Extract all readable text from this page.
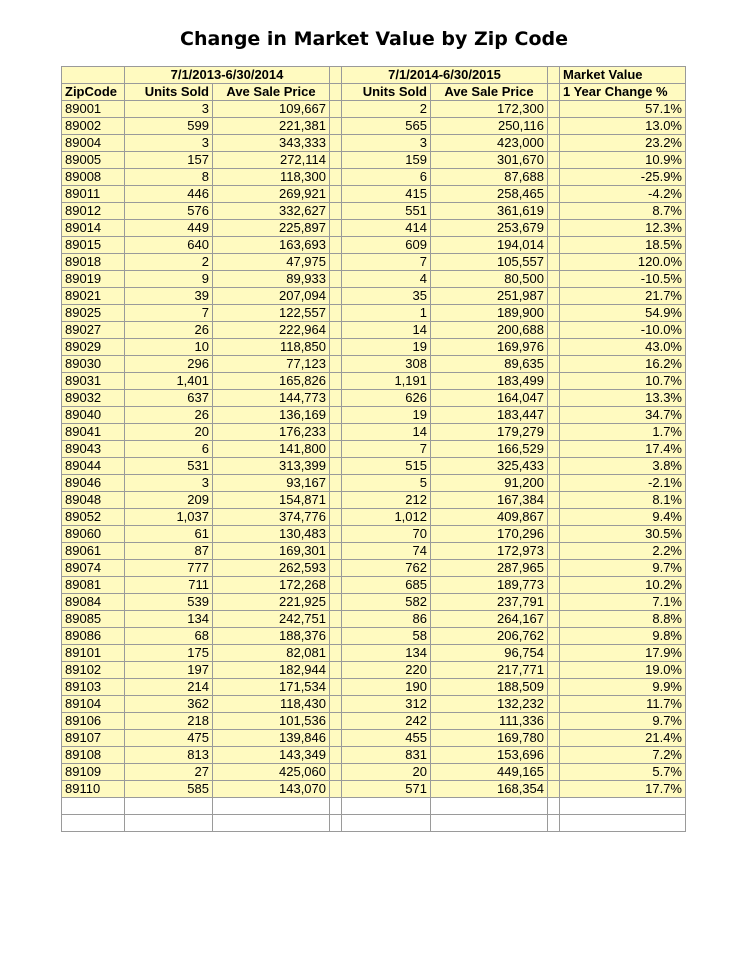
Change in Market Value by Zip Code
	7/1/2013-6/30/2014			7/1/2014-6/30/2015			Market Value
ZipCode	Units Sold	Ave Sale Price		Units Sold	Ave Sale Price		1 Year Change %
89001	3	109,667		2	172,300		57.1%
89002	599	221,381		565	250,116		13.0%
89004	3	343,333		3	423,000		23.2%
89005	157	272,114		159	301,670		10.9%
89008	8	118,300		6	87,688		-25.9%
89011	446	269,921		415	258,465		-4.2%
89012	576	332,627		551	361,619		8.7%
89014	449	225,897		414	253,679		12.3%
89015	640	163,693		609	194,014		18.5%
89018	2	47,975		7	105,557		120.0%
89019	9	89,933		4	80,500		-10.5%
89021	39	207,094		35	251,987		21.7%
89025	7	122,557		1	189,900		54.9%
89027	26	222,964		14	200,688		-10.0%
89029	10	118,850		19	169,976		43.0%
89030	296	77,123		308	89,635		16.2%
89031	1,401	165,826		1,191	183,499		10.7%
89032	637	144,773		626	164,047		13.3%
89040	26	136,169		19	183,447		34.7%
89041	20	176,233		14	179,279		1.7%
89043	6	141,800		7	166,529		17.4%
89044	531	313,399		515	325,433		3.8%
89046	3	93,167		5	91,200		-2.1%
89048	209	154,871		212	167,384		8.1%
89052	1,037	374,776		1,012	409,867		9.4%
89060	61	130,483		70	170,296		30.5%
89061	87	169,301		74	172,973		2.2%
89074	777	262,593		762	287,965		9.7%
89081	711	172,268		685	189,773		10.2%
89084	539	221,925		582	237,791		7.1%
89085	134	242,751		86	264,167		8.8%
89086	68	188,376		58	206,762		9.8%
89101	175	82,081		134	96,754		17.9%
89102	197	182,944		220	217,771		19.0%
89103	214	171,534		190	188,509		9.9%
89104	362	118,430		312	132,232		11.7%
89106	218	101,536		242	111,336		9.7%
89107	475	139,846		455	169,780		21.4%
89108	813	143,349		831	153,696		7.2%
89109	27	425,060		20	449,165		5.7%
89110	585	143,070		571	168,354		17.7%
